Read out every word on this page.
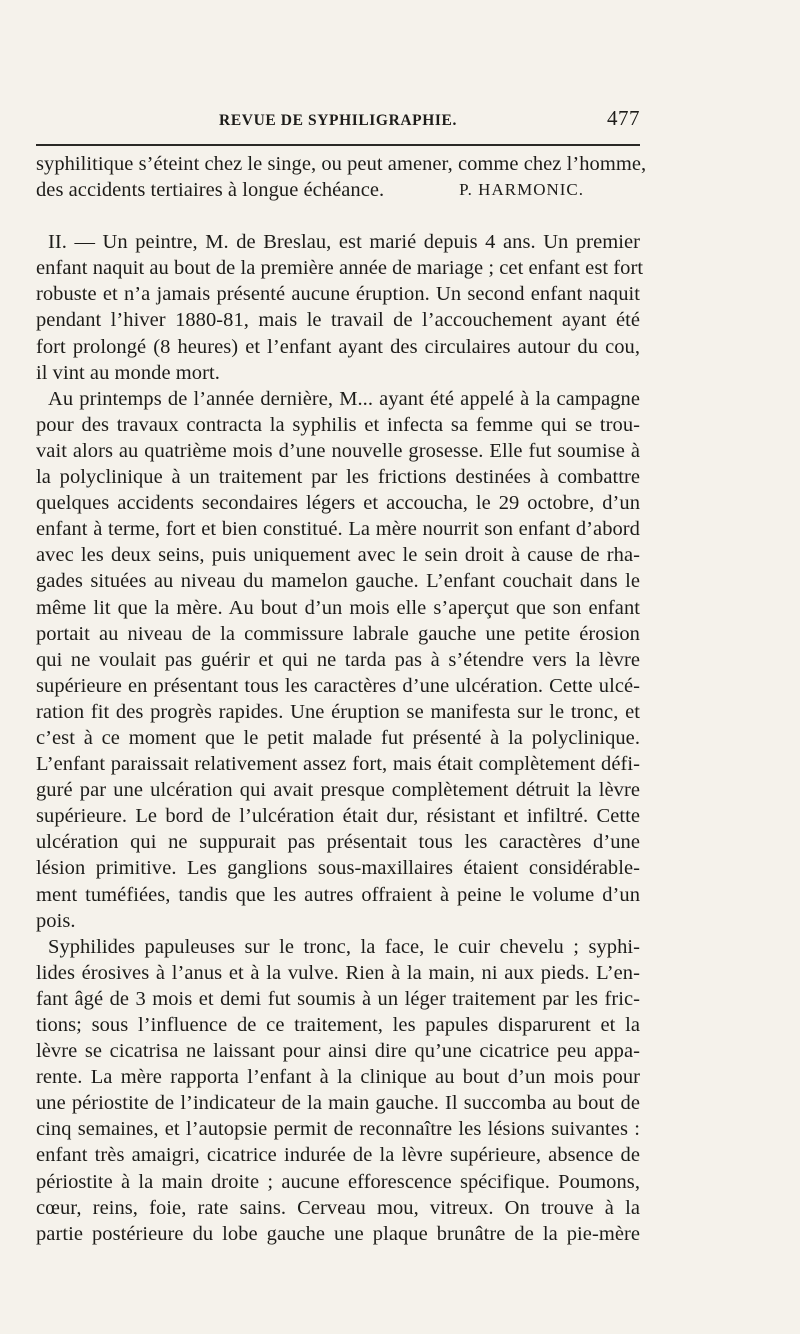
REVUE DE SYPHILIGRAPHIE.	477
syphilitique s’éteint chez le singe, ou peut amener, comme chez l’homme,
des accidents tertiaires à longue échéance.	P. HARMONIC.
II. — Un peintre, M. de Breslau, est marié depuis 4 ans. Un premier
enfant naquit au bout de la première année de mariage ; cet enfant est fort
robuste et n’a jamais présenté aucune éruption. Un second enfant naquit
pendant l’hiver 1880-81, mais le travail de l’accouchement ayant été
fort prolongé (8 heures) et l’enfant ayant des circulaires autour du cou,
il vint au monde mort.
Au printemps de l’année dernière, M... ayant été appelé à la campagne
pour des travaux contracta la syphilis et infecta sa femme qui se trou-
vait alors au quatrième mois d’une nouvelle grosesse. Elle fut soumise à
la polyclinique à un traitement par les frictions destinées à combattre
quelques accidents secondaires légers et accoucha, le 29 octobre, d’un
enfant à terme, fort et bien constitué. La mère nourrit son enfant d’abord
avec les deux seins, puis uniquement avec le sein droit à cause de rha-
gades situées au niveau du mamelon gauche. L’enfant couchait dans le
même lit que la mère. Au bout d’un mois elle s’aperçut que son enfant
portait au niveau de la commissure labrale gauche une petite érosion
qui ne voulait pas guérir et qui ne tarda pas à s’étendre vers la lèvre
supérieure en présentant tous les caractères d’une ulcération. Cette ulcé-
ration fit des progrès rapides. Une éruption se manifesta sur le tronc, et
c’est à ce moment que le petit malade fut présenté à la polyclinique.
L’enfant paraissait relativement assez fort, mais était complètement défi-
guré par une ulcération qui avait presque complètement détruit la lèvre
supérieure. Le bord de l’ulcération était dur, résistant et infiltré. Cette
ulcération qui ne suppurait pas présentait tous les caractères d’une
lésion primitive. Les ganglions sous-maxillaires étaient considérable-
ment tuméfiées, tandis que les autres offraient à peine le volume d’un
pois.
Syphilides papuleuses sur le tronc, la face, le cuir chevelu ; syphi-
lides érosives à l’anus et à la vulve. Rien à la main, ni aux pieds. L’en-
fant âgé de 3 mois et demi fut soumis à un léger traitement par les fric-
tions; sous l’influence de ce traitement, les papules disparurent et la
lèvre se cicatrisa ne laissant pour ainsi dire qu’une cicatrice peu appa-
rente. La mère rapporta l’enfant à la clinique au bout d’un mois pour
une périostite de l’indicateur de la main gauche. Il succomba au bout de
cinq semaines, et l’autopsie permit de reconnaître les lésions suivantes :
enfant très amaigri, cicatrice indurée de la lèvre supérieure, absence de
périostite à la main droite ; aucune efforescence spécifique. Poumons,
cœur, reins, foie, rate sains. Cerveau mou, vitreux. On trouve à la
partie postérieure du lobe gauche une plaque brunâtre de la pie-mère
